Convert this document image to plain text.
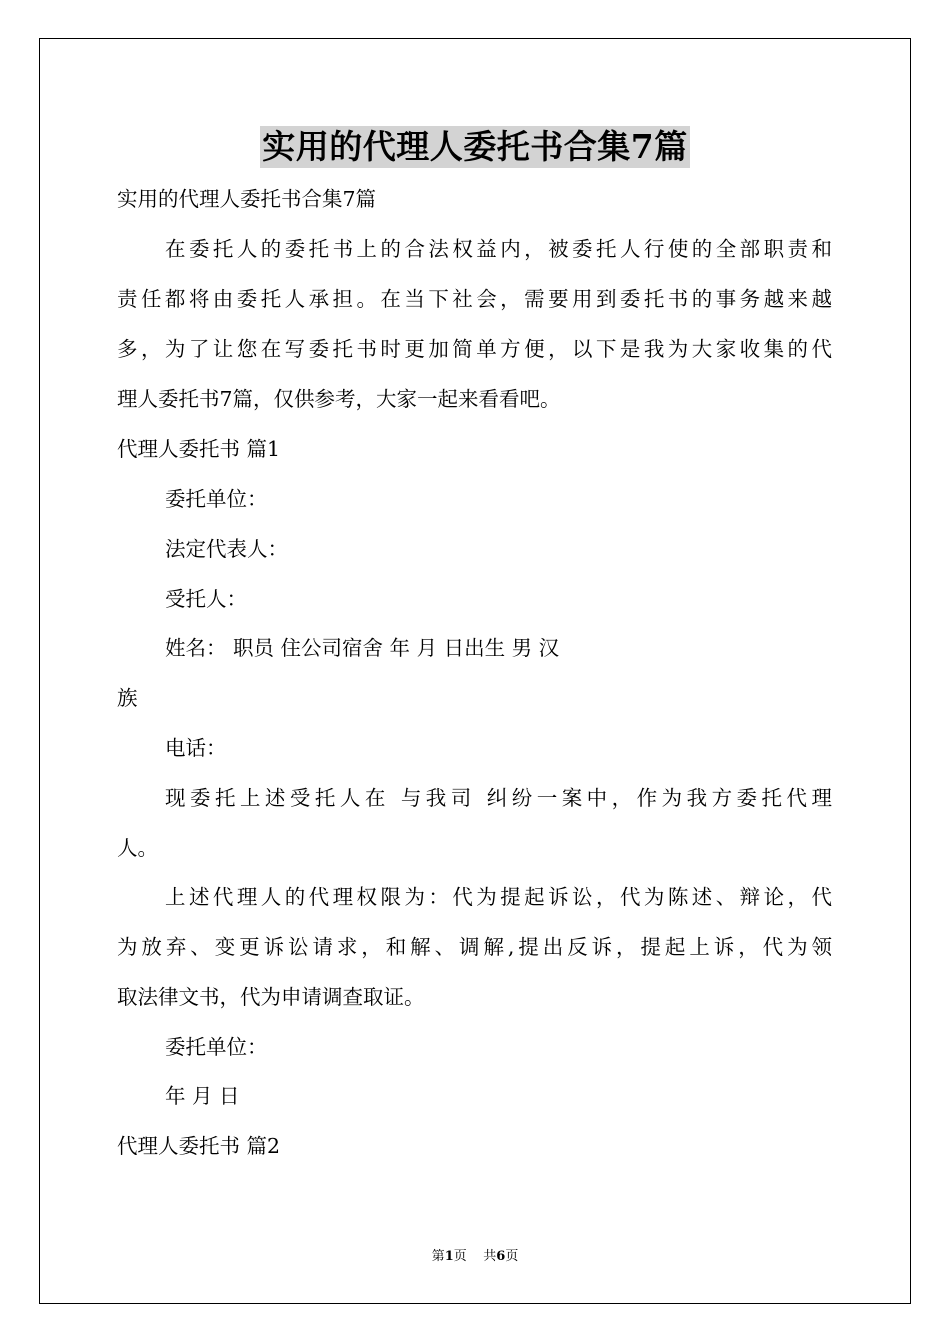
实用的代理人委托书合集7篇
实用的代理人委托书合集7篇
在委托人的委托书上的合法权益内，被委托人行使的全部职责和
责任都将由委托人承担。在当下社会，需要用到委托书的事务越来越
多，为了让您在写委托书时更加简单方便，以下是我为大家收集的代
理人委托书7篇，仅供参考，大家一起来看看吧。
代理人委托书 篇1
委托单位：
法定代表人：
受托人：
姓名： 职员 住公司宿舍 年 月 日出生 男 汉
族
电话：
现委托上述受托人在 与我司 纠纷一案中，作为我方委托代理
人。
上述代理人的代理权限为：代为提起诉讼，代为陈述、辩论，代
为放弃、变更诉讼请求，和解、调解,提出反诉，提起上诉，代为领
取法律文书，代为申请调查取证。
委托单位：
年 月 日
代理人委托书 篇2
第1页    共6页
